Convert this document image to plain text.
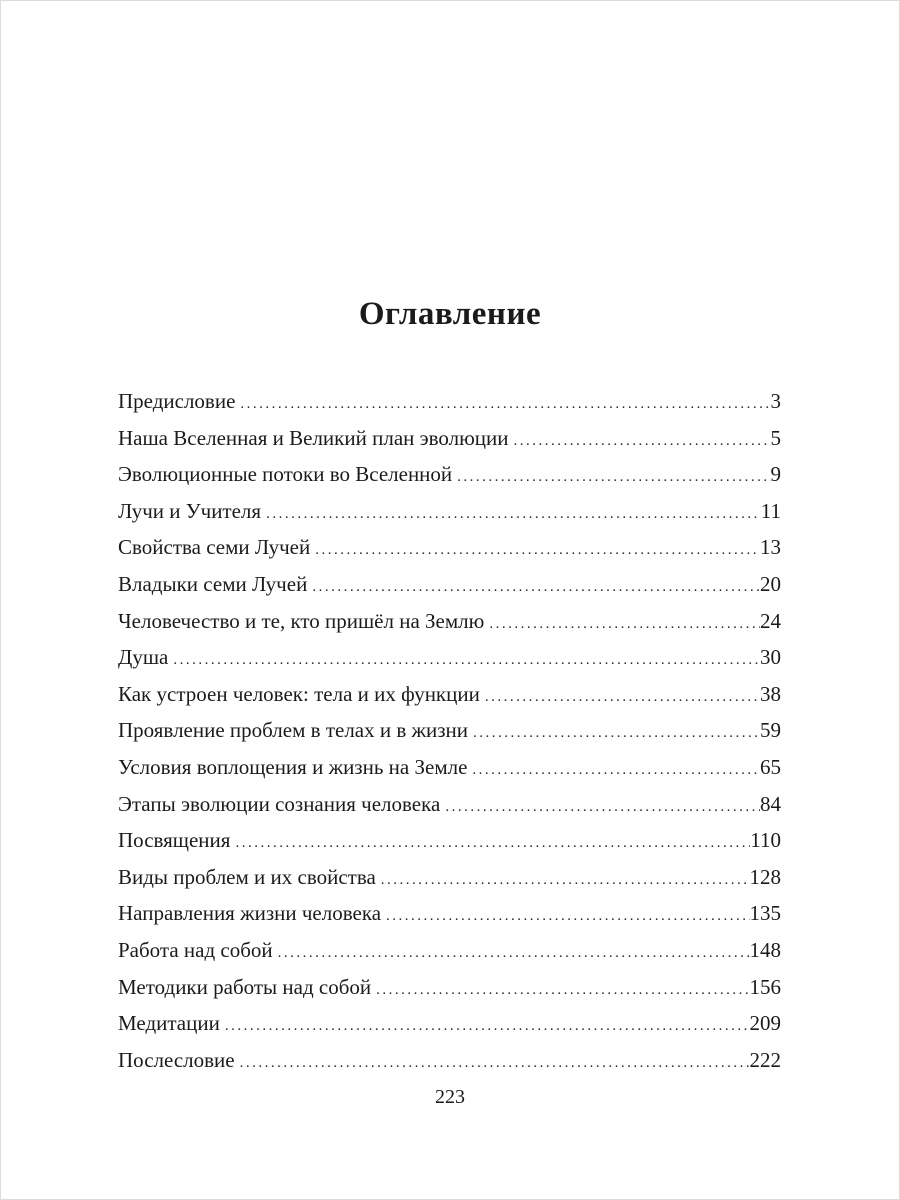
Оглавление
Предисловие .....	3
Наша Вселенная и Великий план эволюции .....	5
Эволюционные потоки во Вселенной .....	9
Лучи и Учителя .....	11
Свойства семи Лучей .....	13
Владыки семи Лучей .....	20
Человечество и те, кто пришёл на Землю .....	24
Душа .....	30
Как устроен человек: тела и их функции .....	38
Проявление проблем в телах и в жизни .....	59
Условия воплощения и жизнь на Земле .....	65
Этапы эволюции сознания человека .....	84
Посвящения .....	110
Виды проблем и их свойства .....	128
Направления жизни человека .....	135
Работа над собой .....	148
Методики работы над собой .....	156
Медитации .....	209
Послесловие .....	222
223
